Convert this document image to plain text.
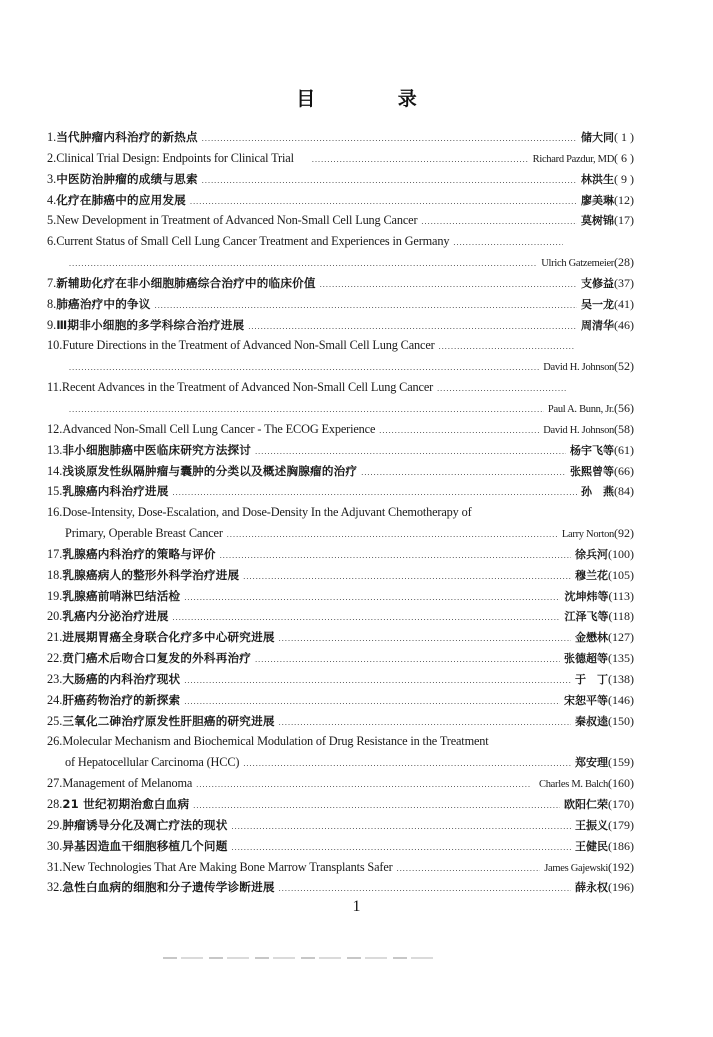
目 录
1. 当代肿瘤内科治疗的新热点 .....	储大同 ( 1 )
2. Clinical Trial Design: Endpoints for Clinical Trial .....	Richard Pazdur, MD ( 6 )
3. 中医防治肿瘤的成绩与思索 .....	林洪生 ( 9 )
4. 化疗在肺癌中的应用发展 .....	廖美琳 (12)
5. New Development in Treatment of Advanced Non-Small Cell Lung Cancer .....	莫树锦 (17)
6. Current Status of Small Cell Lung Cancer Treatment and Experiences in Germany
.....
.....
Ulrich Gatzemeier (28)
7. 新辅助化疗在非小细胞肺癌综合治疗中的临床价值 .....	支修益 (37)
8. 肺癌治疗中的争议 .....	吴一龙 (41)
9. Ⅲ期非小细胞的多学科综合治疗进展 .....	周清华 (46)
10. Future Directions in the Treatment of Advanced Non-Small Cell Lung Cancer
.....
.....
David H. Johnson (52)
11. Recent Advances in the Treatment of Advanced Non-Small Cell Lung Cancer
.....
.....
Paul A. Bunn, Jr. (56)
12. Advanced Non-Small Cell Lung Cancer - The ECOG Experience .....	David H. Johnson (58)
13. 非小细胞肺癌中医临床研究方法探讨 .....	杨宇飞等 (61)
14. 浅谈原发性纵隔肿瘤与囊肿的分类以及概述胸腺瘤的治疗 .....	张熙曾等 (66)
15. 乳腺癌内科治疗进展 .....	孙　燕 (84)
16. Dose-Intensity, Dose-Escalation, and Dose-Density In the Adjuvant Chemotherapy of
Primary, Operable Breast Cancer .....	Larry Norton (92)
17. 乳腺癌内科治疗的策略与评价 .....	徐兵河 (100)
18. 乳腺癌病人的整形外科学治疗进展 .....	穆兰花 (105)
19. 乳腺癌前哨淋巴结活检 .....	沈坤炜等 (113)
20. 乳癌内分泌治疗进展 .....	江泽飞等 (118)
21. 进展期胃癌全身联合化疗多中心研究进展 .....	金懋林 (127)
22. 贲门癌术后吻合口复发的外科再治疗 .....	张德超等 (135)
23. 大肠癌的内科治疗现状 .....	于　丁 (138)
24. 肝癌药物治疗的新探索 .....	宋恕平等 (146)
25. 三氧化二砷治疗原发性肝胆癌的研究进展 .....	秦叔逵 (150)
26. Molecular Mechanism and Biochemical Modulation of Drug Resistance in the Treatment
of Hepatocellular Carcinoma (HCC) .....	郑安理 (159)
27. Management of Melanoma .....	Charles M. Balch (160)
28. 21 世纪初期治愈白血病 .....	欧阳仁荣 (170)
29. 肿瘤诱导分化及凋亡疗法的现状 .....	王振义 (179)
30. 异基因造血干细胞移植几个问题 .....	王健民 (186)
31. New Technologies That Are Making Bone Marrow Transplants Safer .....	James Gajewski (192)
32. 急性白血病的细胞和分子遗传学诊断进展 .....	薛永权 (196)
1
